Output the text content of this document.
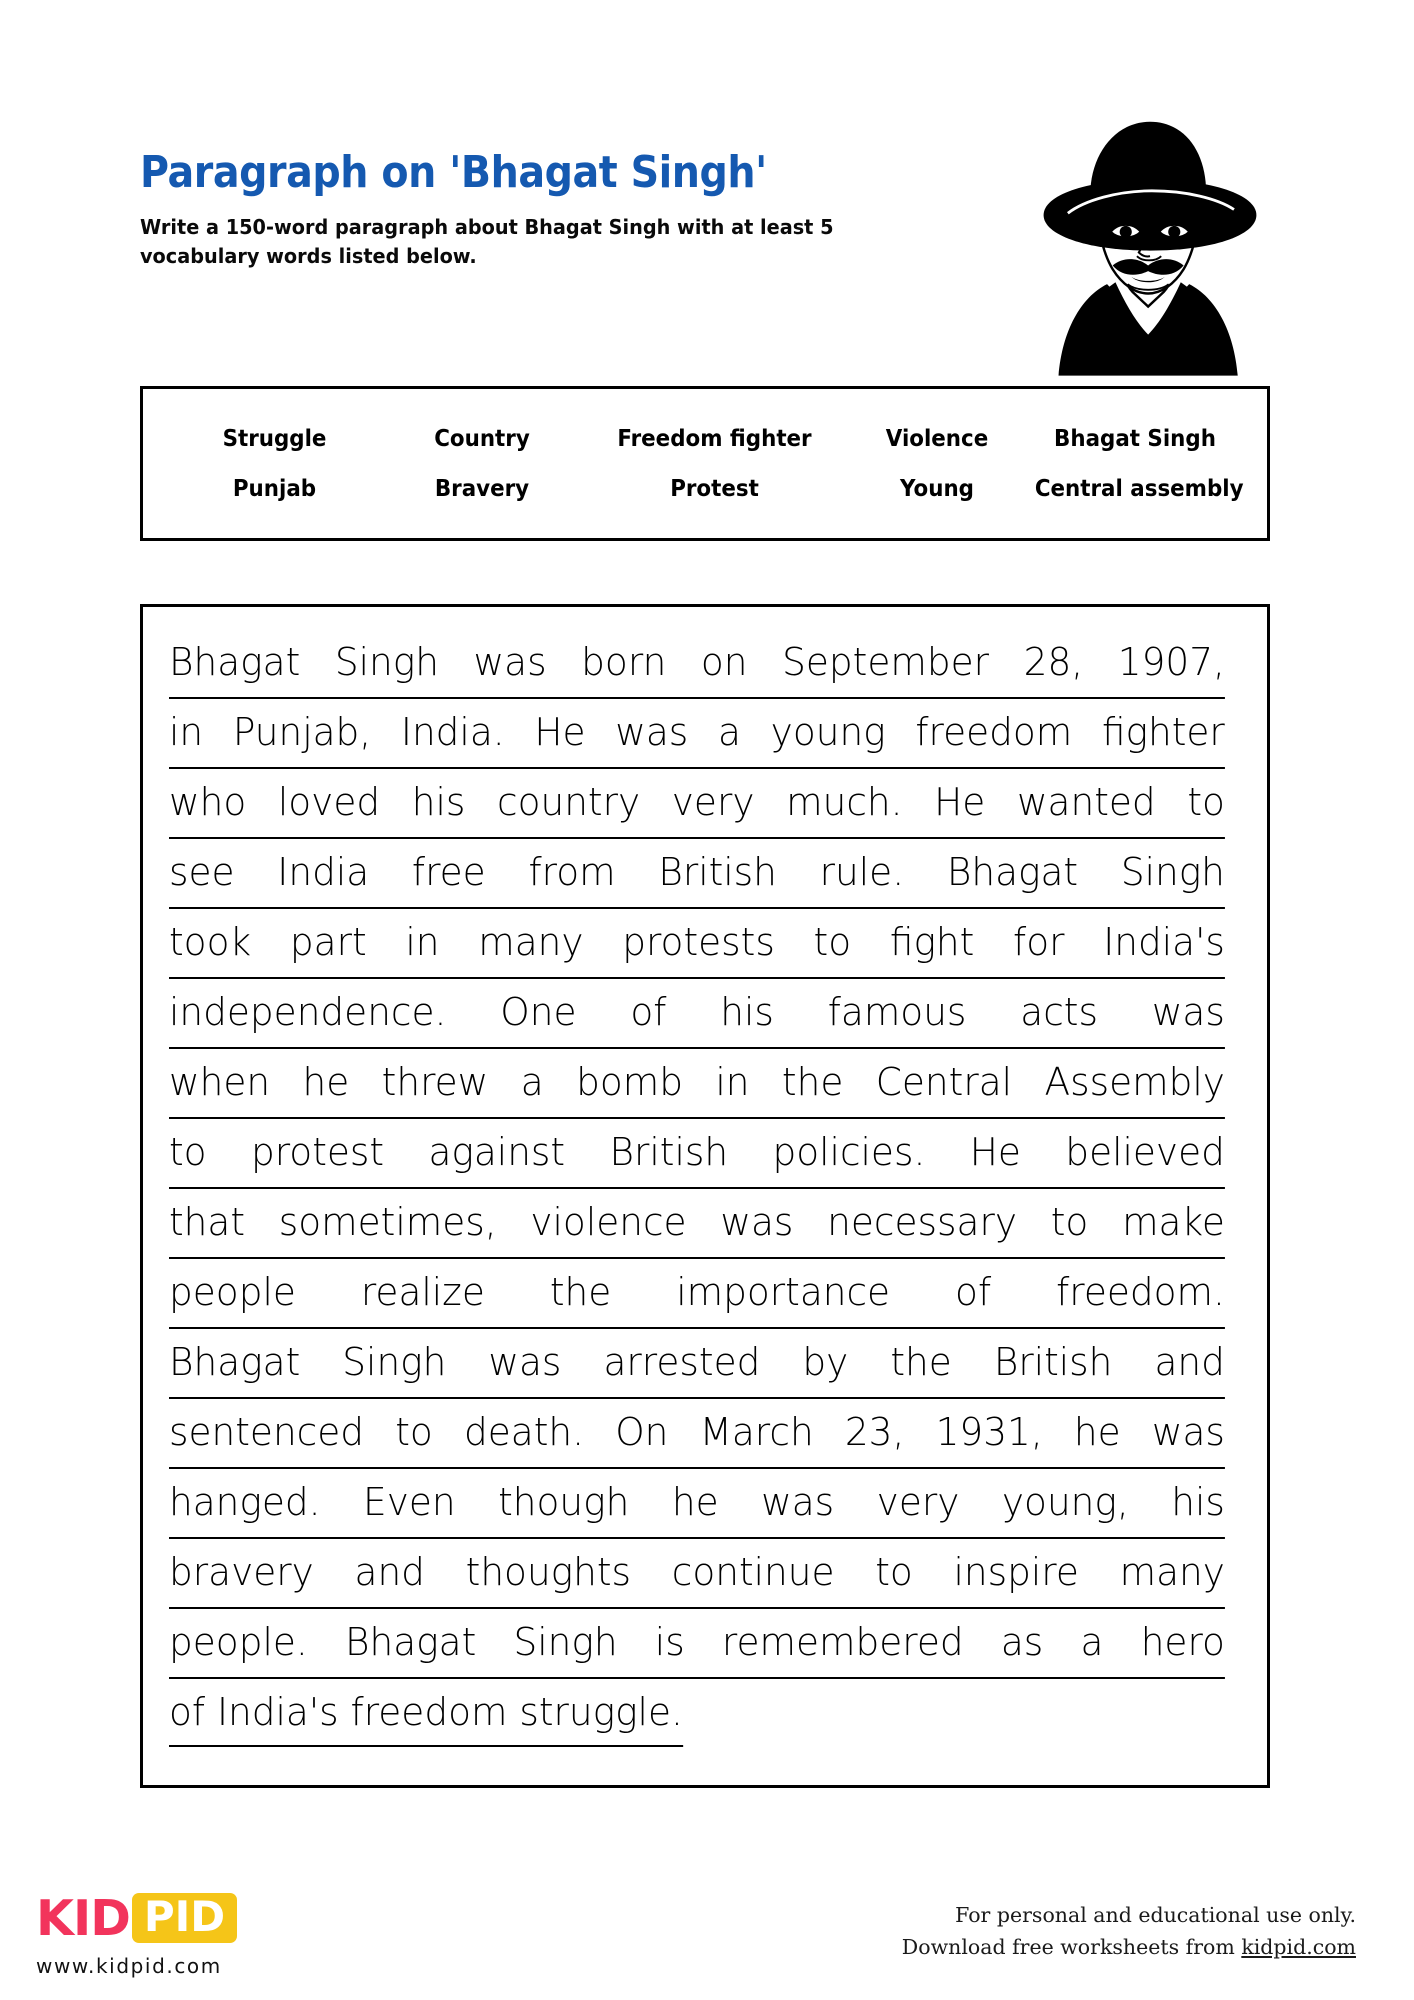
Paragraph on 'Bhagat Singh'
Write a 150-word paragraph about Bhagat Singh with at least 5 vocabulary words listed below.
Struggle	Country	Freedom fighter	Violence	Bhagat Singh
Punjab	Bravery	Protest	Young	Central assembly
Bhagat Singh was born on September 28, 1907,
in Punjab, India. He was a young freedom fighter
who loved his country very much. He wanted to
see India free from British rule. Bhagat Singh
took part in many protests to fight for India's
independence. One of his famous acts was
when he threw a bomb in the Central Assembly
to protest against British policies. He believed
that sometimes, violence was necessary to make
people realize the importance of freedom.
Bhagat Singh was arrested by the British and
sentenced to death. On March 23, 1931, he was
hanged. Even though he was very young, his
bravery and thoughts continue to inspire many
people. Bhagat Singh is remembered as a hero
of India's freedom struggle.
KID PID
www.kidpid.com
For personal and educational use only.
Download free worksheets from kidpid.com
